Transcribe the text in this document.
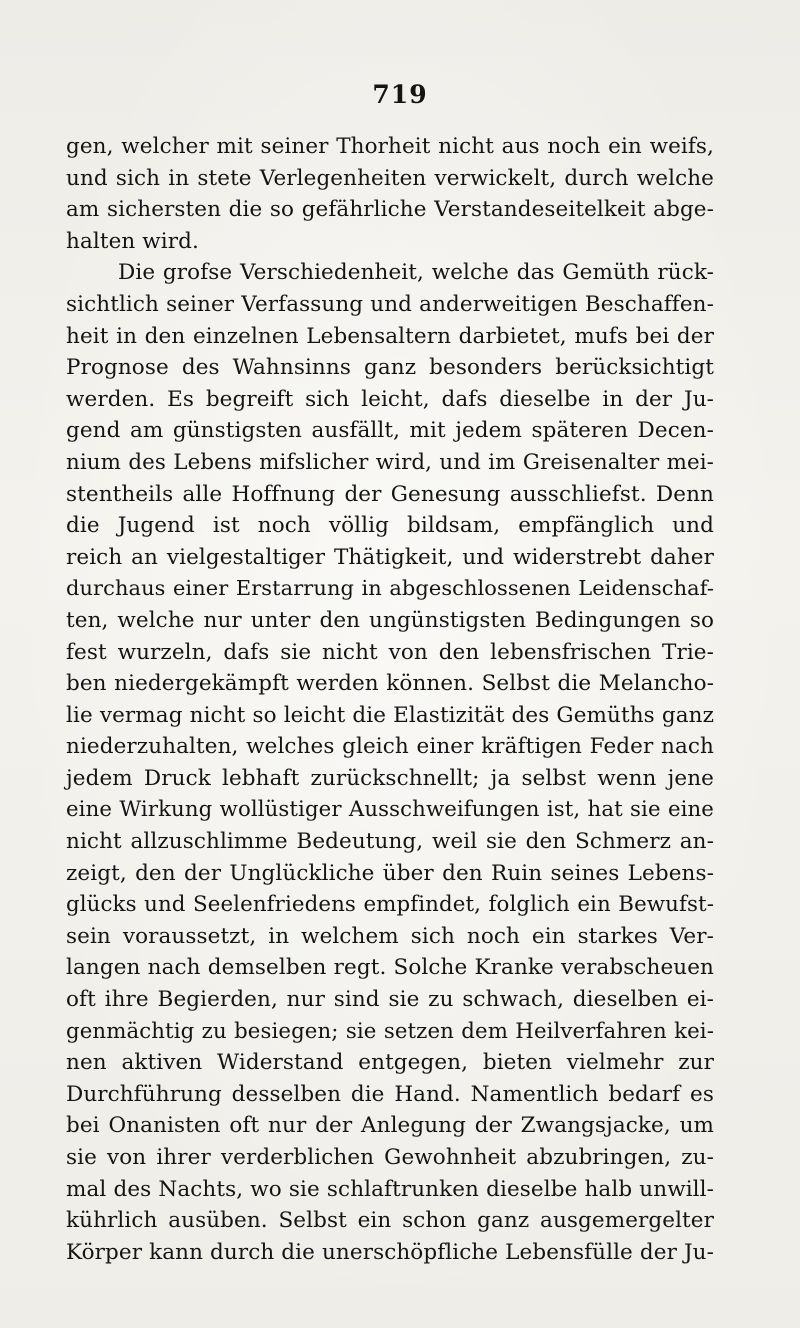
719
gen, welcher mit seiner Thorheit nicht aus noch ein weifs,
und sich in stete Verlegenheiten verwickelt, durch welche
am sichersten die so gefährliche Verstandeseitelkeit abge-
halten wird.
Die grofse Verschiedenheit, welche das Gemüth rück-
sichtlich seiner Verfassung und anderweitigen Beschaffen-
heit in den einzelnen Lebensaltern darbietet, mufs bei der
Prognose des Wahnsinns ganz besonders berücksichtigt
werden. Es begreift sich leicht, dafs dieselbe in der Ju-
gend am günstigsten ausfällt, mit jedem späteren Decen-
nium des Lebens mifslicher wird, und im Greisenalter mei-
stentheils alle Hoffnung der Genesung ausschliefst. Denn
die Jugend ist noch völlig bildsam, empfänglich und
reich an vielgestaltiger Thätigkeit, und widerstrebt daher
durchaus einer Erstarrung in abgeschlossenen Leidenschaf-
ten, welche nur unter den ungünstigsten Bedingungen so
fest wurzeln, dafs sie nicht von den lebensfrischen Trie-
ben niedergekämpft werden können. Selbst die Melancho-
lie vermag nicht so leicht die Elastizität des Gemüths ganz
niederzuhalten, welches gleich einer kräftigen Feder nach
jedem Druck lebhaft zurückschnellt; ja selbst wenn jene
eine Wirkung wollüstiger Ausschweifungen ist, hat sie eine
nicht allzuschlimme Bedeutung, weil sie den Schmerz an-
zeigt, den der Unglückliche über den Ruin seines Lebens-
glücks und Seelenfriedens empfindet, folglich ein Bewufst-
sein voraussetzt, in welchem sich noch ein starkes Ver-
langen nach demselben regt. Solche Kranke verabscheuen
oft ihre Begierden, nur sind sie zu schwach, dieselben ei-
genmächtig zu besiegen; sie setzen dem Heilverfahren kei-
nen aktiven Widerstand entgegen, bieten vielmehr zur
Durchführung desselben die Hand. Namentlich bedarf es
bei Onanisten oft nur der Anlegung der Zwangsjacke, um
sie von ihrer verderblichen Gewohnheit abzubringen, zu-
mal des Nachts, wo sie schlaftrunken dieselbe halb unwill-
kührlich ausüben. Selbst ein schon ganz ausgemergelter
Körper kann durch die unerschöpfliche Lebensfülle der Ju-
